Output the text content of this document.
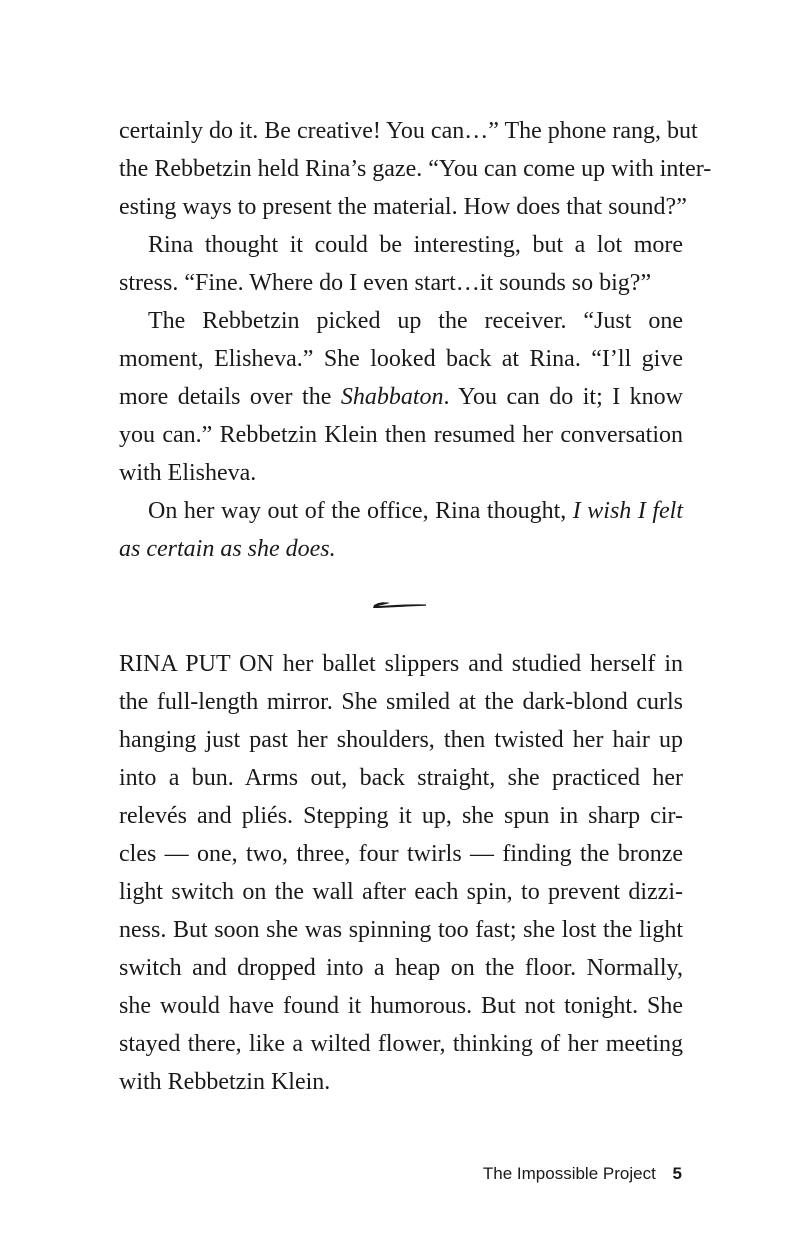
certainly do it. Be creative! You can…” The phone rang, but
the Rebbetzin held Rina’s gaze. “You can come up with inter-
esting ways to present the material. How does that sound?”
Rina thought it could be interesting, but a lot more
stress. “Fine. Where do I even start…it sounds so big?”
The Rebbetzin picked up the receiver. “Just one
moment, Elisheva.” She looked back at Rina. “I’ll give
more details over the Shabbaton. You can do it; I know
you can.” Rebbetzin Klein then resumed her conversation
with Elisheva.
On her way out of the office, Rina thought, I wish I felt
as certain as she does.
RINA PUT ON her ballet slippers and studied herself in
the full-length mirror. She smiled at the dark-blond curls
hanging just past her shoulders, then twisted her hair up
into a bun. Arms out, back straight, she practiced her
relevés and pliés. Stepping it up, she spun in sharp cir-
cles — one, two, three, four twirls — finding the bronze
light switch on the wall after each spin, to prevent dizzi-
ness. But soon she was spinning too fast; she lost the light
switch and dropped into a heap on the floor. Normally,
she would have found it humorous. But not tonight. She
stayed there, like a wilted flower, thinking of her meeting
with Rebbetzin Klein.
The Impossible Project 5
